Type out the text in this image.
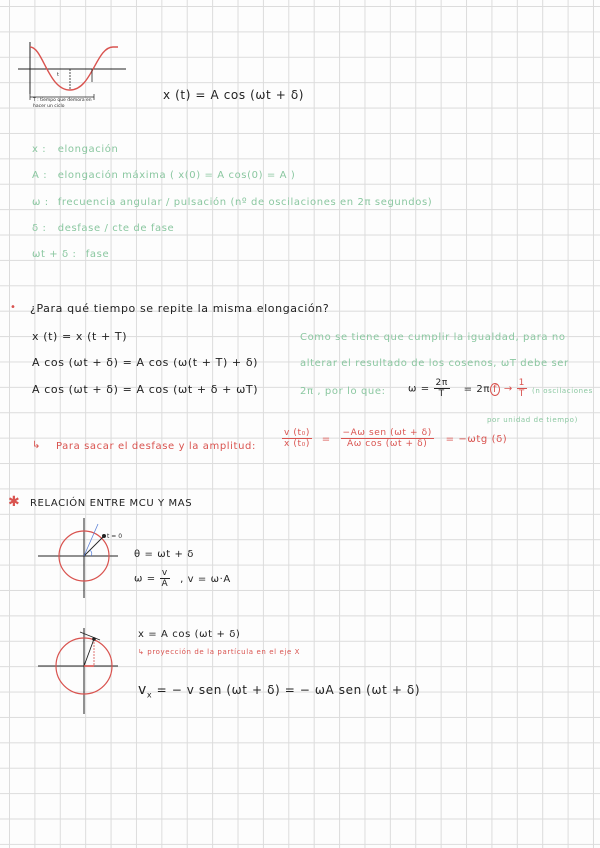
t
T : tiempo que demora en hacer un ciclo
x (t) = A cos (ωt + δ)
x : elongación
A : elongación máxima ( x(0) = A cos(0) = A )
ω : frecuencia angular / pulsación (nº de oscilaciones en 2π segundos)
δ : desfase / cte de fase
ωt + δ : fase
• ¿Para qué tiempo se repite la misma elongación?
x (t) = x (t + T)
A cos (ωt + δ) = A cos (ω(t + T) + δ)
A cos (ωt + δ) = A cos (ωt + δ + ωT)
Como se tiene que cumplir la igualdad, para no
alterar el resultado de los cosenos, ωT debe ser
2π , por lo que: $\omega = \frac{2\pi}{T} = 2\pi$ $f \to \frac{1}{T} (n$ oscilaciones
por unidad de tiempo)
↳ Para sacar el desfase y la amplitud:	$\frac{\text{v (t₀)}}{\text{x (t₀)}} = \frac{\text{−Aω sen (ωt + δ)}}{\text{Aω cos (ωt + δ)}} = -\omega tg$ (δ)
✱ RELACIÓN ENTRE MCU Y MAS
t = 0
θ = ωt + δ
$\omega = \frac{v}{A}$ , v = ω·A
x = A cos (ωt + δ)
↳ proyección de la partícula en el eje X
$v_x$ = − v sen (ωt + δ) = − ωA sen (ωt + δ)
